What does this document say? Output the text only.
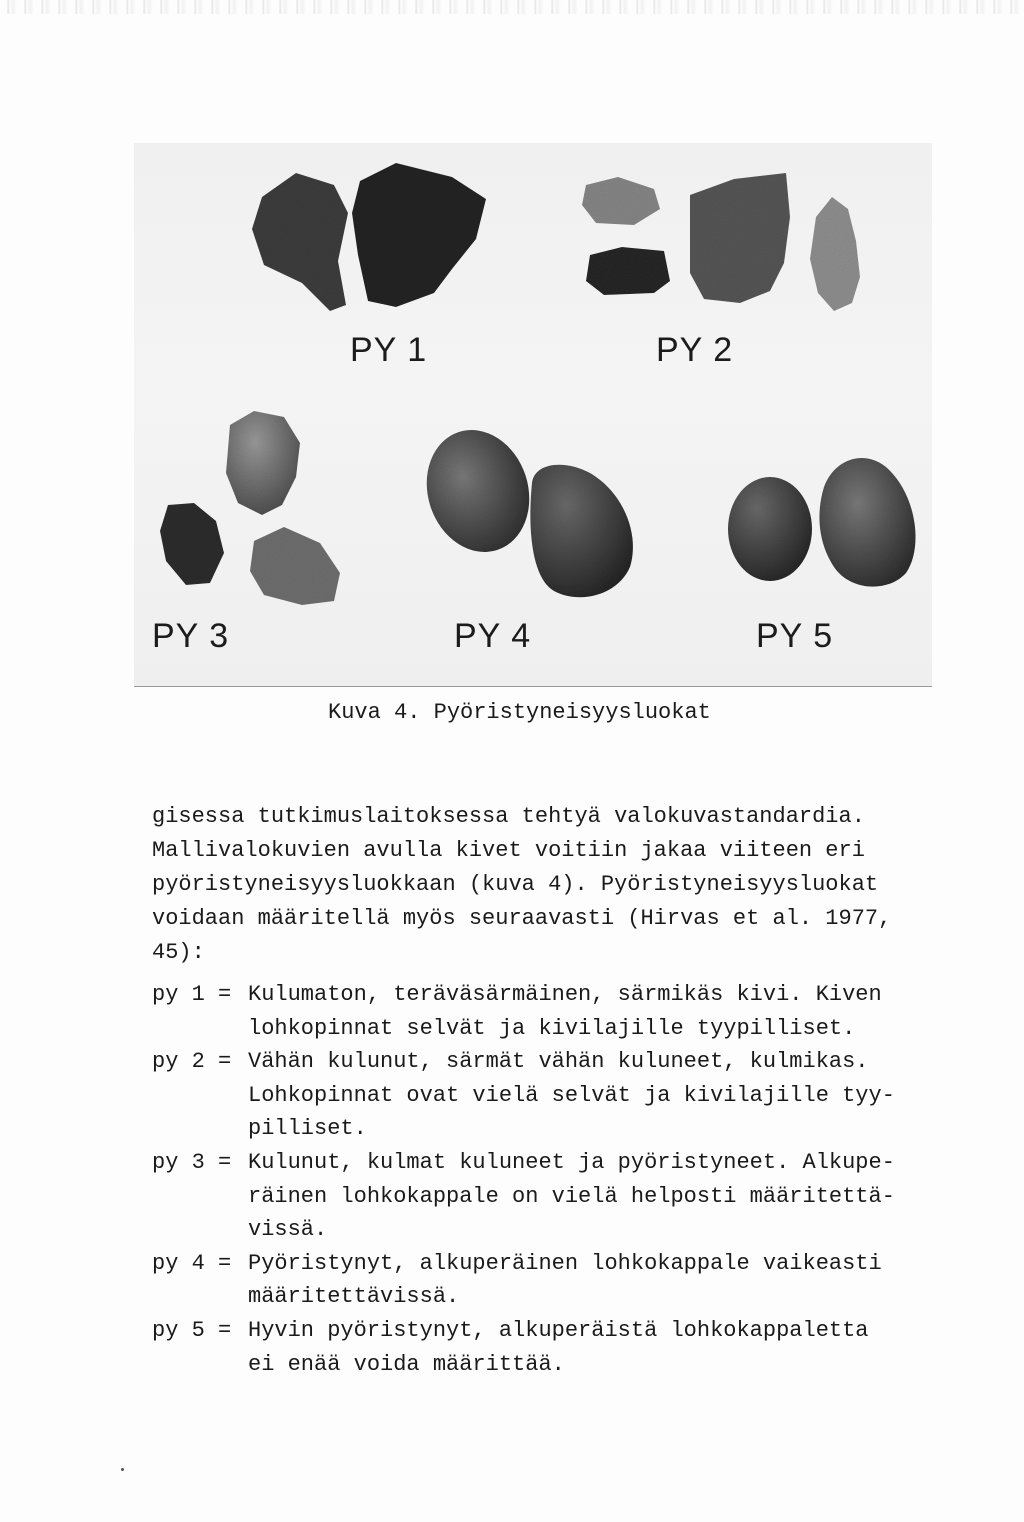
PY 1	PY 2
PY 3	PY 4	PY 5
Kuva 4. Pyöristyneisyysluokat
gisessa tutkimuslaitoksessa tehtyä valokuvastandardia.
Mallivalokuvien avulla kivet voitiin jakaa viiteen eri
pyöristyneisyysluokkaan (kuva 4). Pyöristyneisyysluokat
voidaan määritellä myös seuraavasti (Hirvas et al. 1977,
45):
py 1 = Kulumaton, teräväsärmäinen, särmikäs kivi. Kiven
lohkopinnat selvät ja kivilajille tyypilliset.
py 2 = Vähän kulunut, särmät vähän kuluneet, kulmikas.
Lohkopinnat ovat vielä selvät ja kivilajille tyy-
pilliset.
py 3 = Kulunut, kulmat kuluneet ja pyöristyneet. Alkupe-
räinen lohkokappale on vielä helposti määritettä-
vissä.
py 4 = Pyöristynyt, alkuperäinen lohkokappale vaikeasti
määritettävissä.
py 5 = Hyvin pyöristynyt, alkuperäistä lohkokappaletta
ei enää voida määrittää.
